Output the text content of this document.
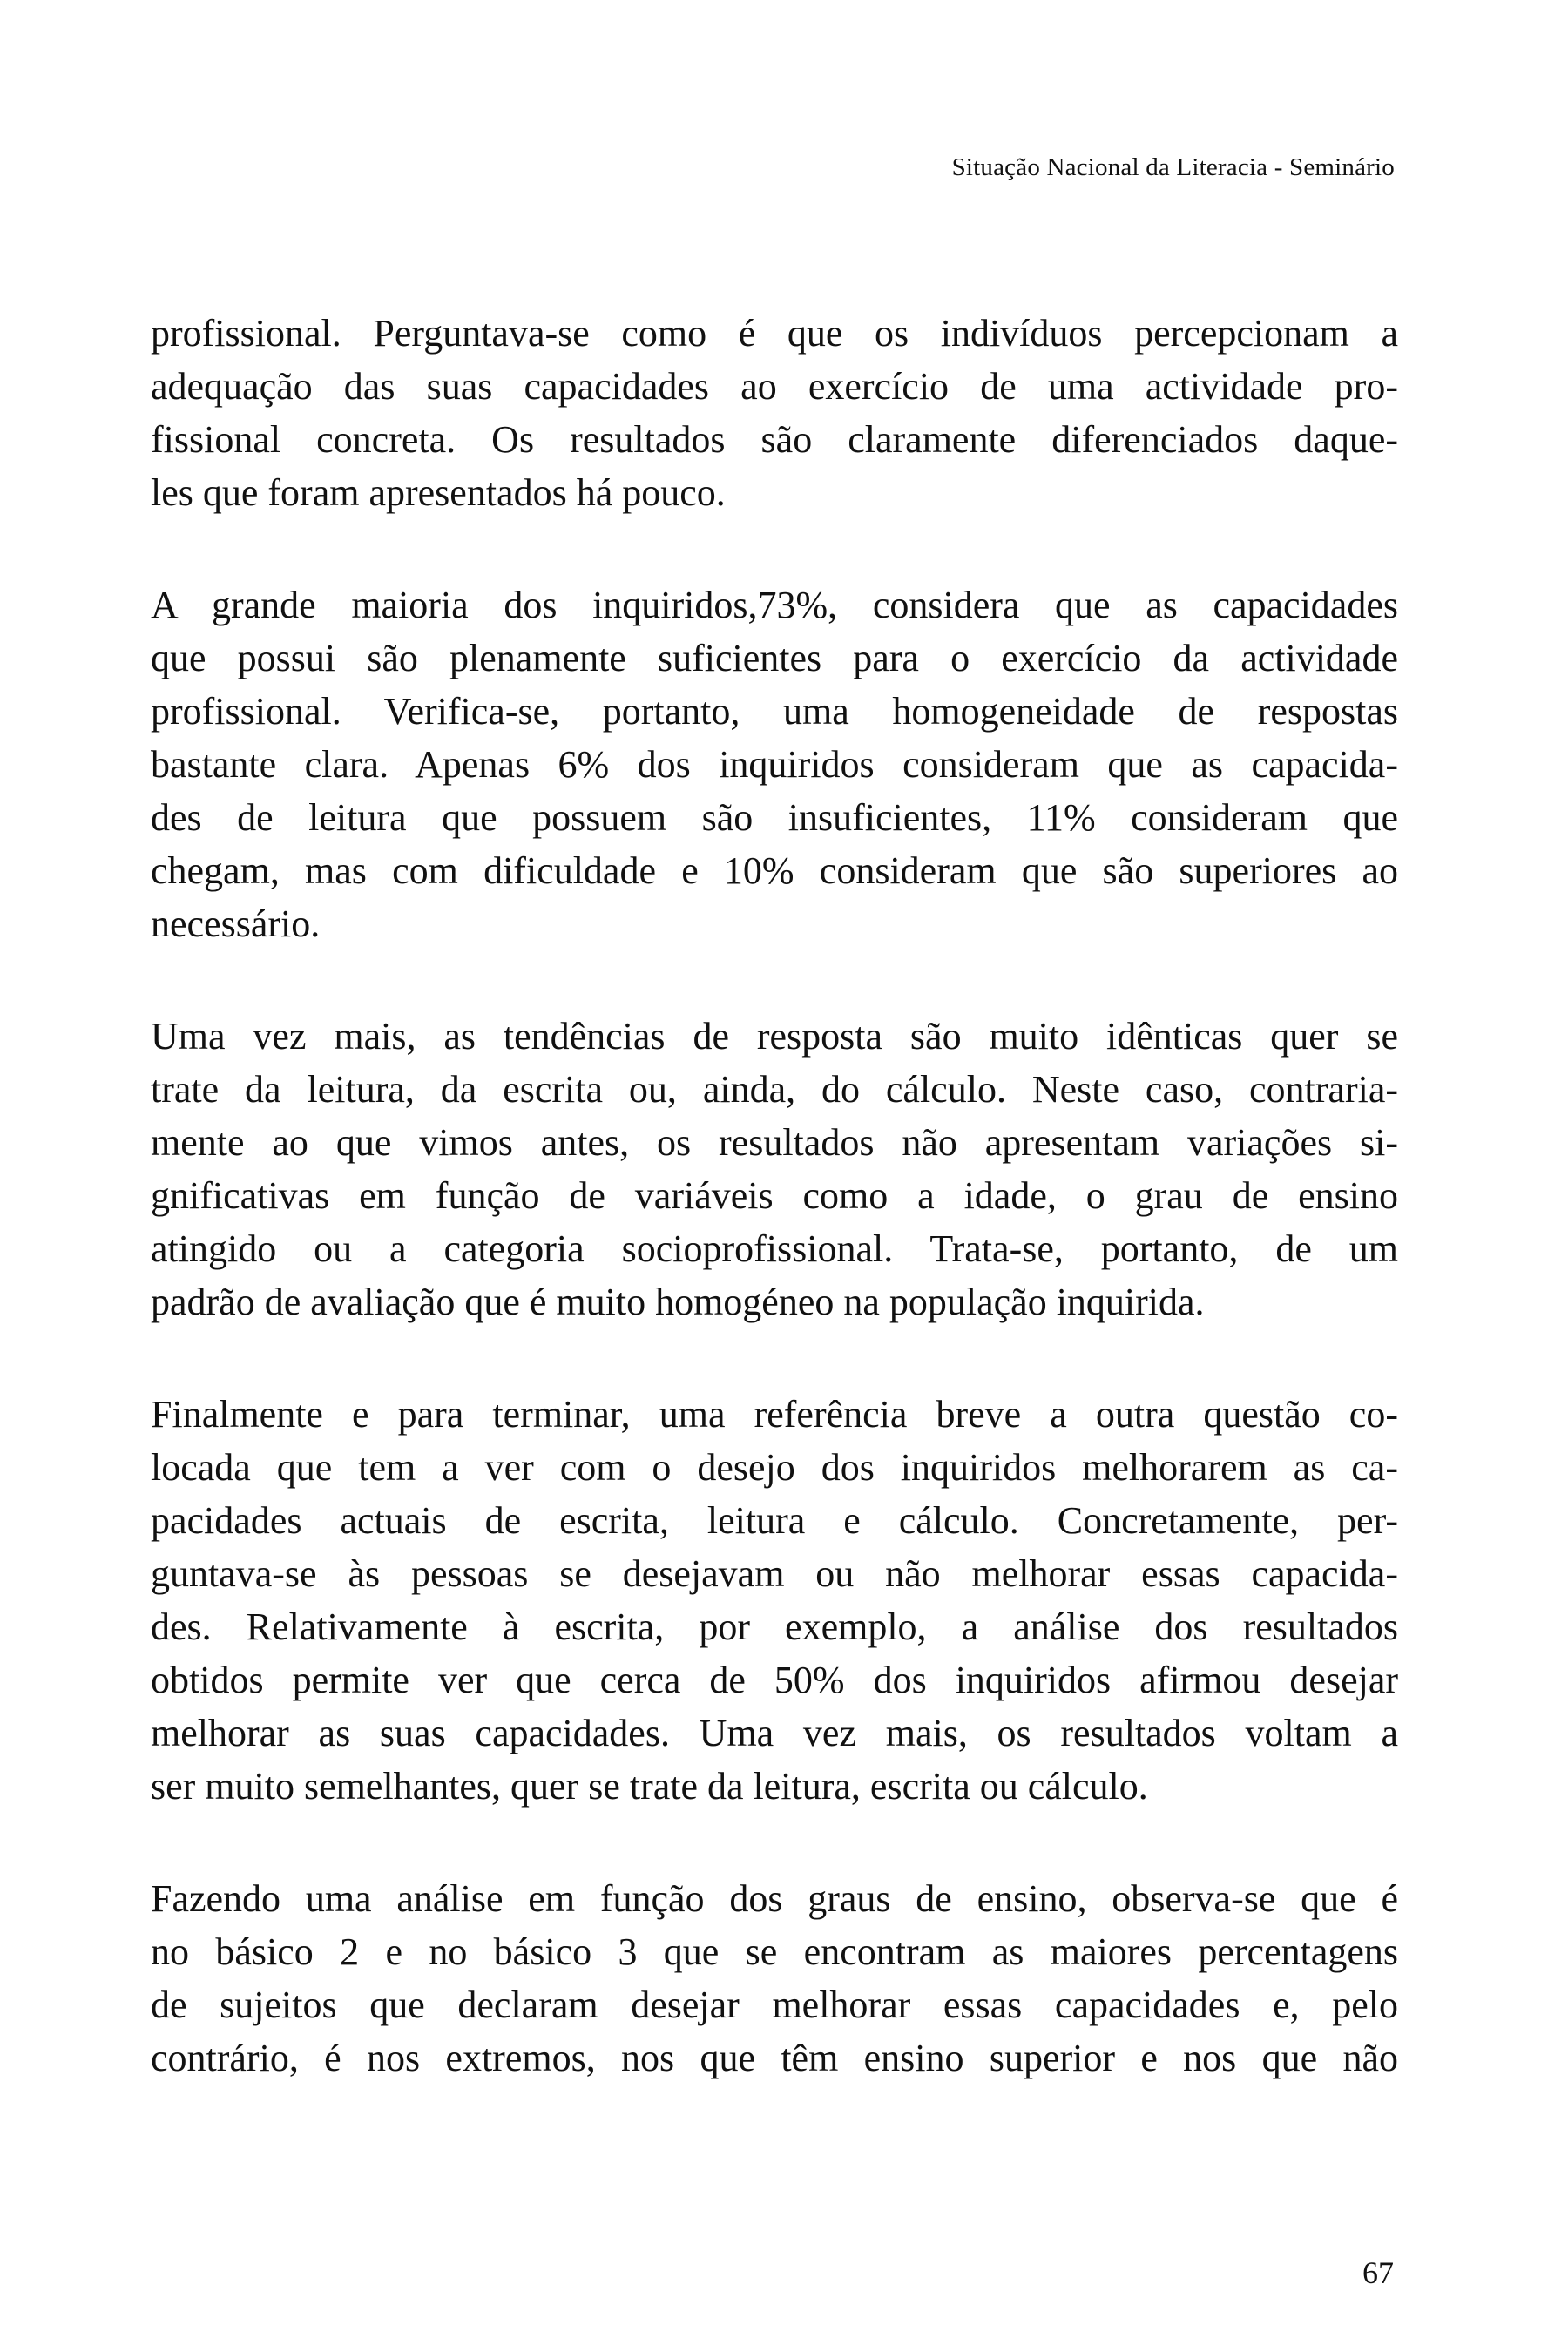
Situação Nacional da Literacia - Seminário

profissional. Perguntava-se como é que os indivíduos percepcionam a
adequação das suas capacidades ao exercício de uma actividade pro-
fissional concreta. Os resultados são claramente diferenciados daque-
les que foram apresentados há pouco.

A grande maioria dos inquiridos,73%, considera que as capacidades
que possui são plenamente suficientes para o exercício da actividade
profissional. Verifica-se, portanto, uma homogeneidade de respostas
bastante clara. Apenas 6% dos inquiridos consideram que as capacida-
des de leitura que possuem são insuficientes, 11% consideram que
chegam, mas com dificuldade e 10% consideram que são superiores ao
necessário.

Uma vez mais, as tendências de resposta são muito idênticas quer se
trate da leitura, da escrita ou, ainda, do cálculo. Neste caso, contraria-
mente ao que vimos antes, os resultados não apresentam variações si-
gnificativas em função de variáveis como a idade, o grau de ensino
atingido ou a categoria socioprofissional. Trata-se, portanto, de um
padrão de avaliação que é muito homogéneo na população inquirida.

Finalmente e para terminar, uma referência breve a outra questão co-
locada que tem a ver com o desejo dos inquiridos melhorarem as ca-
pacidades actuais de escrita, leitura e cálculo. Concretamente, per-
guntava-se às pessoas se desejavam ou não melhorar essas capacida-
des. Relativamente à escrita, por exemplo, a análise dos resultados
obtidos permite ver que cerca de 50% dos inquiridos afirmou desejar
melhorar as suas capacidades. Uma vez mais, os resultados voltam a
ser muito semelhantes, quer se trate da leitura, escrita ou cálculo.

Fazendo uma análise em função dos graus de ensino, observa-se que é
no básico 2 e no básico 3 que se encontram as maiores percentagens
de sujeitos que declaram desejar melhorar essas capacidades e, pelo
contrário, é nos extremos, nos que têm ensino superior e nos que não

67
